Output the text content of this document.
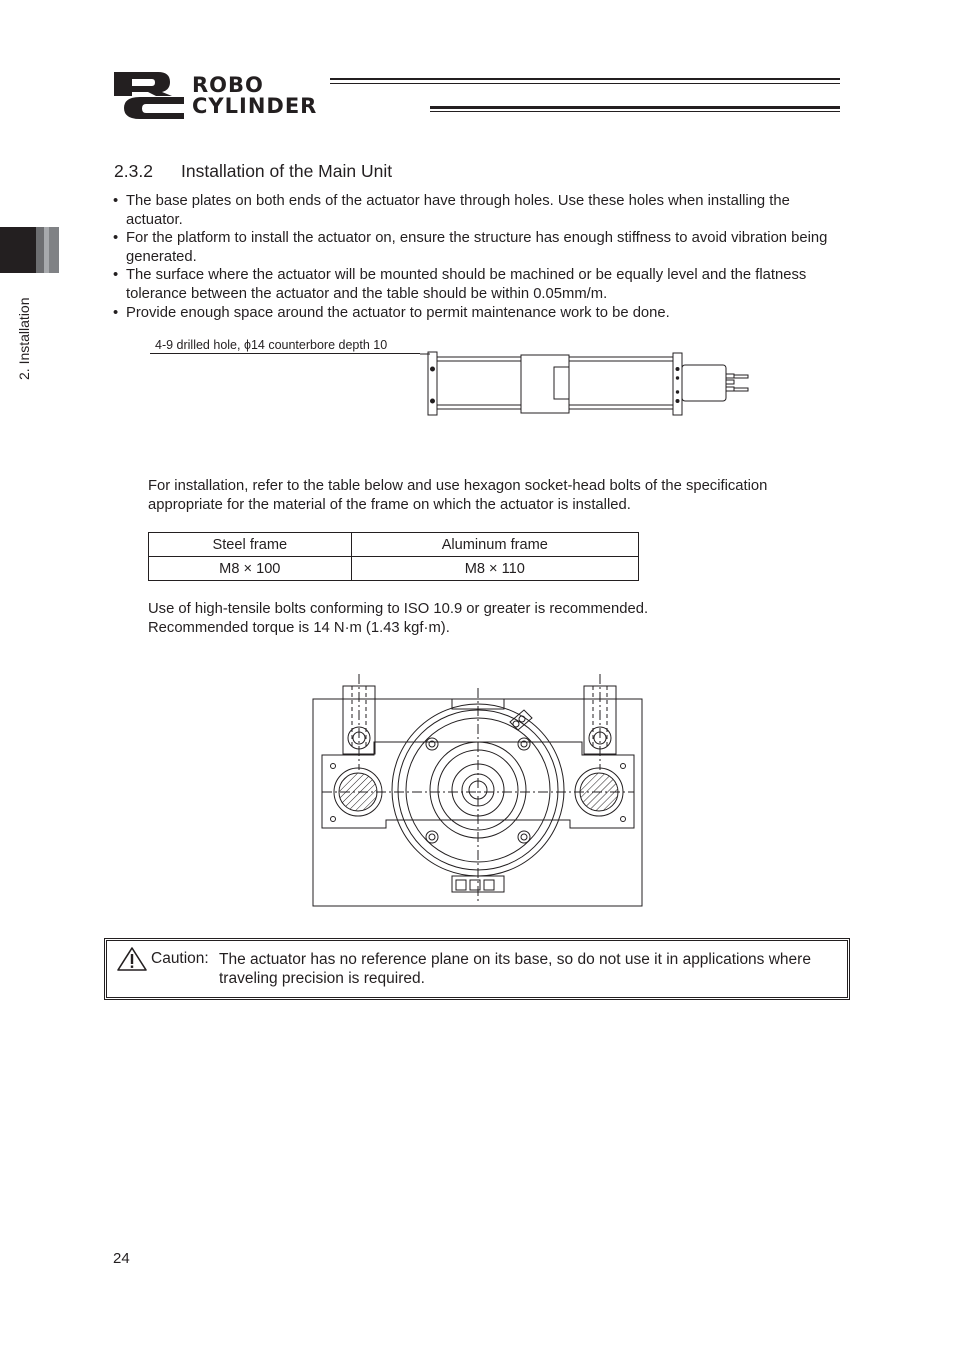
ROBO
CYLINDER
2. Installation
2.3.2 Installation of the Main Unit
• The base plates on both ends of the actuator have through holes. Use these holes when installing the actuator.
• For the platform to install the actuator on, ensure the structure has enough stiffness to avoid vibration being generated.
• The surface where the actuator will be mounted should be machined or be equally level and the flatness tolerance between the actuator and the table should be within 0.05mm/m.
• Provide enough space around the actuator to permit maintenance work to be done.
4-9 drilled hole, ϕ14 counterbore depth 10
For installation, refer to the table below and use hexagon socket-head bolts of the specification appropriate for the material of the frame on which the actuator is installed.
Steel frame	Aluminum frame
M8 × 100	M8 × 110
Use of high-tensile bolts conforming to ISO 10.9 or greater is recommended.
Recommended torque is 14 N·m (1.43 kgf·m).
Caution: The actuator has no reference plane on its base, so do not use it in applications where traveling precision is required.
24
